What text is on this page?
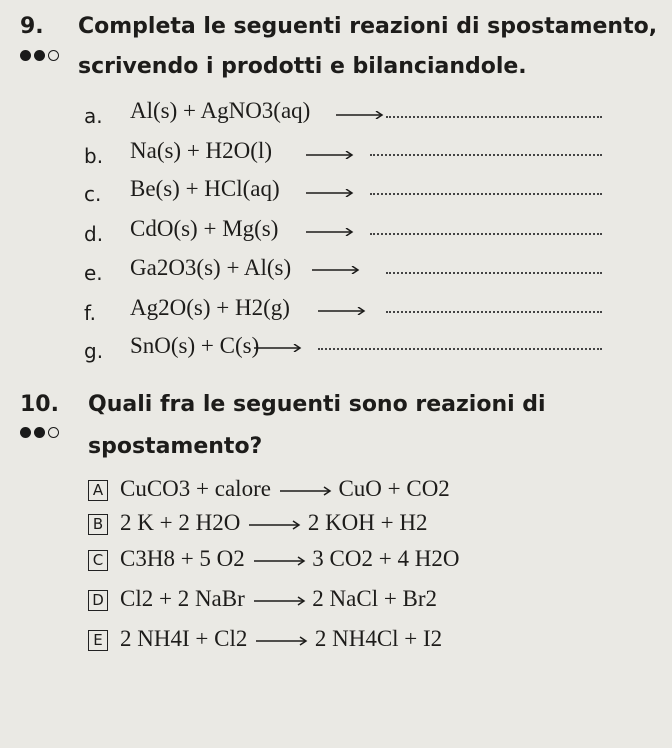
9. Completa le seguenti reazioni di spostamento,
scrivendo i prodotti e bilanciandole.
a. Al(s) + AgNO3(aq)
b. Na(s) + H2O(l)
c. Be(s) + HCl(aq)
d. CdO(s) + Mg(s)
e. Ga2O3(s) + Al(s) →
f. Ag2O(s) + H2(g)
g. SnO(s) + C(s)
10. Quali fra le seguenti sono reazioni di
spostamento?
A CuCO3 + calore → CuO + CO2
B 2 K + 2 H2O → 2 KOH + H2
C C3H8 + 5 O2 → 3 CO2 + 4 H2O
D Cl2 + 2 NaBr → 2 NaCl + Br2
E 2 NH4I + Cl2 → 2 NH4Cl + I2
